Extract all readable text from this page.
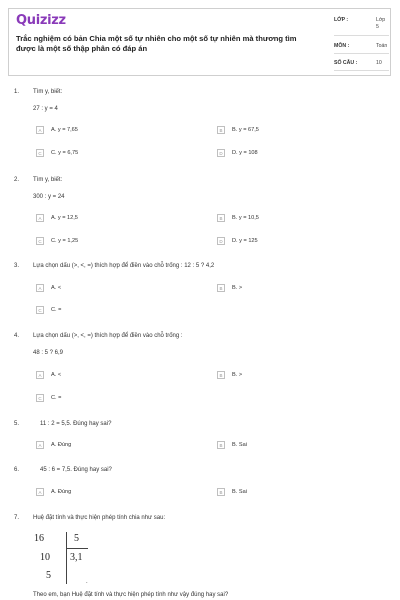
Quizizz
Trắc nghiệm có bản Chia một số tự nhiên cho một số tự nhiên mà thương tìm được là một số thập phân có đáp án
LỚP :	Lớp 5
MÔN :	Toán
SỐ CÂU :	10
1. Tìm y, biết:
27 : y = 4
A	A. y = 7,65	B	B. y = 67,5
C	C. y = 6,75	D	D. y = 108
2. Tìm y, biết:
300 : y = 24
A	A. y = 12,5	B	B. y = 10,5
C	C. y = 1,25	D	D. y = 125
3. Lựa chọn dấu (>, <, =) thích hợp để điền vào chỗ trống : 12 : 5 ? 4,2
A	A. <	B	B. >
C	C. =
4. Lựa chọn dấu (>, <, =) thích hợp để điền vào chỗ trống :
48 : 5 ? 6,9
A	A. <	B	B. >
C	C. =
5.	11 : 2 = 5,5. Đúng hay sai?
A	A. Đúng	B	B. Sai
6.	45 : 6 = 7,5. Đúng hay sai?
A	A. Đúng	B	B. Sai
7. Huệ đặt tính và thực hiện phép tính chia như sau:
16
10
5
5
3,1
.
Theo em, bạn Huệ đặt tính và thực hiện phép tính như vậy đúng hay sai?
